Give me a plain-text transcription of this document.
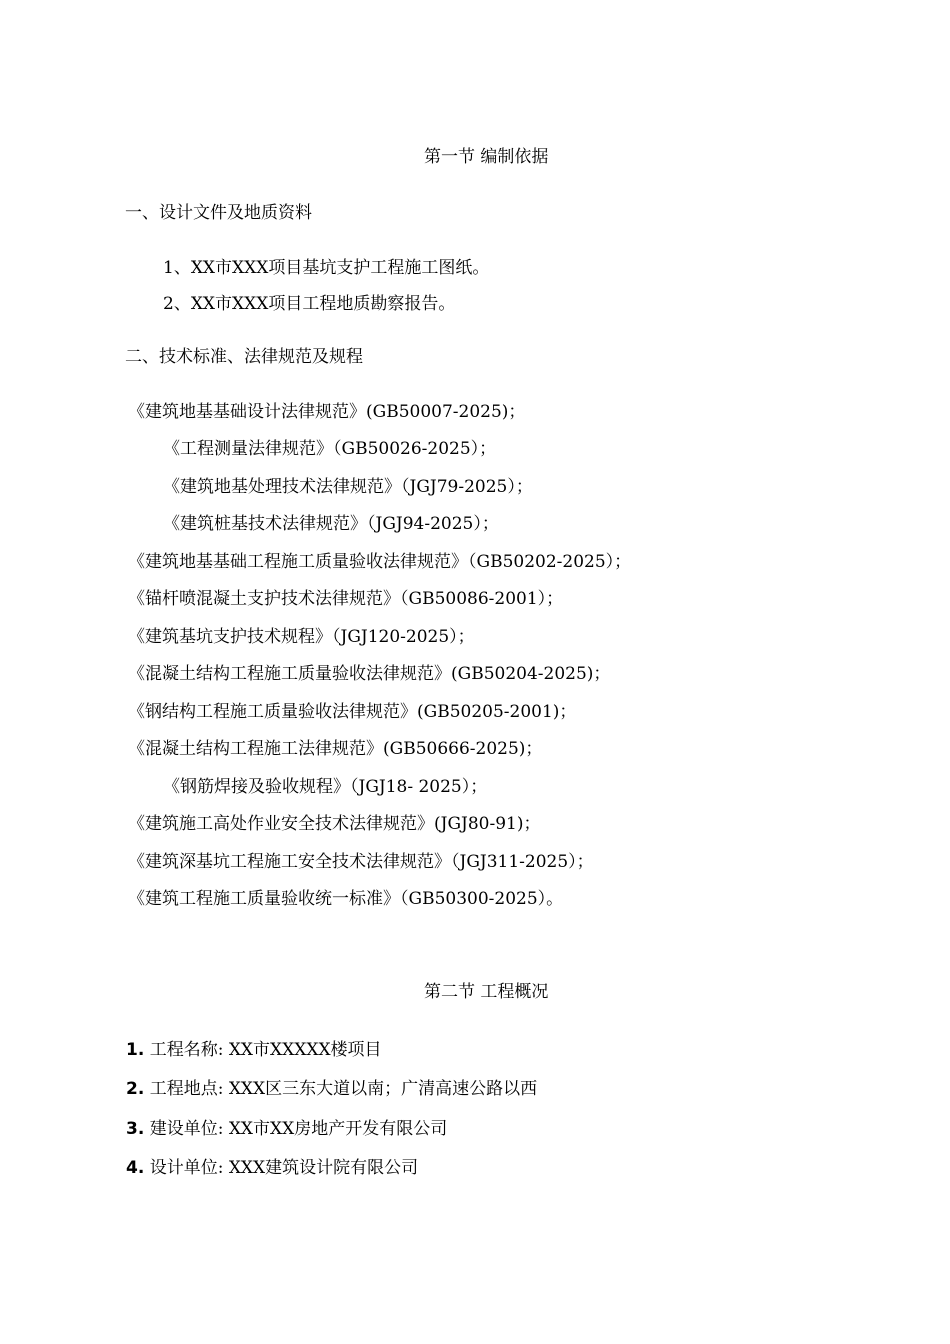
第一节 编制依据
一、设计文件及地质资料
1、XX市XXX项目基坑支护工程施工图纸。
2、XX市XXX项目工程地质勘察报告。
二、技术标准、法律规范及规程
《建筑地基基础设计法律规范》(GB50007-2025)；
《工程测量法律规范》（GB50026-2025）；
《建筑地基处理技术法律规范》（JGJ79-2025）；
《建筑桩基技术法律规范》（JGJ94-2025）；
《建筑地基基础工程施工质量验收法律规范》（GB50202-2025）；
《锚杆喷混凝土支护技术法律规范》（GB50086-2001）；
《建筑基坑支护技术规程》（JGJ120-2025）；
《混凝土结构工程施工质量验收法律规范》(GB50204-2025)；
《钢结构工程施工质量验收法律规范》(GB50205-2001)；
《混凝土结构工程施工法律规范》(GB50666-2025)；
《钢筋焊接及验收规程》（JGJ18- 2025）；
《建筑施工高处作业安全技术法律规范》(JGJ80-91)；
《建筑深基坑工程施工安全技术法律规范》（JGJ311-2025）；
《建筑工程施工质量验收统一标准》（GB50300-2025）。
第二节 工程概况
1. 工程名称: XX市XXXXX楼项目
2. 工程地点: XXX区三东大道以南；广清高速公路以西
3. 建设单位: XX市XX房地产开发有限公司
4. 设计单位: XXX建筑设计院有限公司
